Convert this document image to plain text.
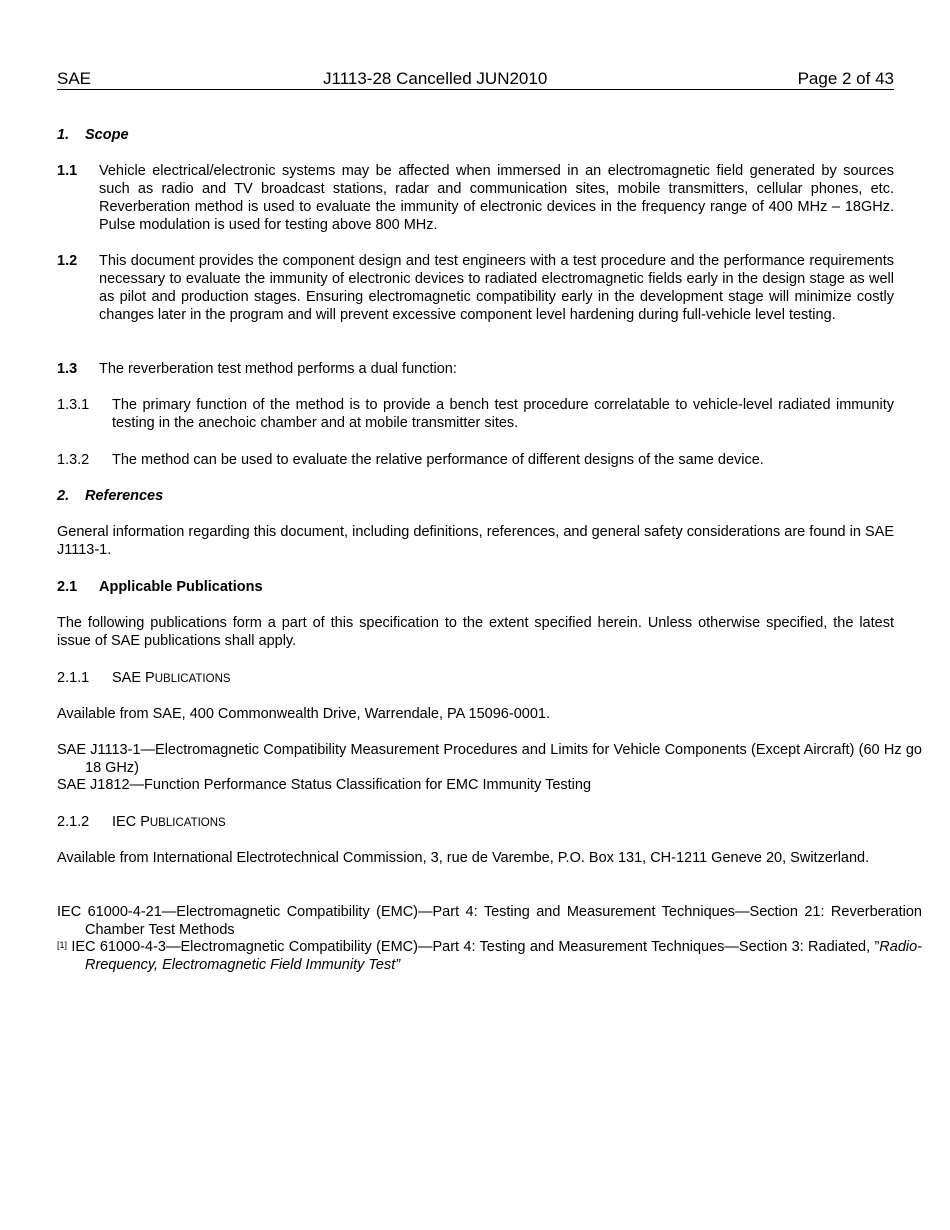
SAE	J1113-28 Cancelled JUN2010	Page 2 of 43
1. Scope
1.1 Vehicle electrical/electronic systems may be affected when immersed in an electromagnetic field generated by sources such as radio and TV broadcast stations, radar and communication sites, mobile transmitters, cellular phones, etc. Reverberation method is used to evaluate the immunity of electronic devices in the frequency range of 400 MHz – 18GHz. Pulse modulation is used for testing above 800 MHz.
1.2 This document provides the component design and test engineers with a test procedure and the performance requirements necessary to evaluate the immunity of electronic devices to radiated electromagnetic fields early in the design stage as well as pilot and production stages. Ensuring electromagnetic compatibility early in the development stage will minimize costly changes later in the program and will prevent excessive component level hardening during full-vehicle level testing.
1.3 The reverberation test method performs a dual function:
1.3.1 The primary function of the method is to provide a bench test procedure correlatable to vehicle-level radiated immunity testing in the anechoic chamber and at mobile transmitter sites.
1.3.2 The method can be used to evaluate the relative performance of different designs of the same device.
2. References
General information regarding this document, including definitions, references, and general safety considerations are found in SAE J1113-1.
2.1 Applicable Publications
The following publications form a part of this specification to the extent specified herein. Unless otherwise specified, the latest issue of SAE publications shall apply.
2.1.1 SAE PUBLICATIONS
Available from SAE, 400 Commonwealth Drive, Warrendale, PA 15096-0001.
SAE J1113-1—Electromagnetic Compatibility Measurement Procedures and Limits for Vehicle Components (Except Aircraft) (60 Hz go 18 GHz)
SAE J1812—Function Performance Status Classification for EMC Immunity Testing
2.1.2 IEC PUBLICATIONS
Available from International Electrotechnical Commission, 3, rue de Varembe, P.O. Box 131, CH-1211 Geneve 20, Switzerland.
IEC 61000-4-21—Electromagnetic Compatibility (EMC)—Part 4: Testing and Measurement Techniques—Section 21: Reverberation Chamber Test Methods
[1] IEC 61000-4-3—Electromagnetic Compatibility (EMC)—Part 4: Testing and Measurement Techniques—Section 3: Radiated, ”Radio-Rrequency, Electromagnetic Field Immunity Test”
